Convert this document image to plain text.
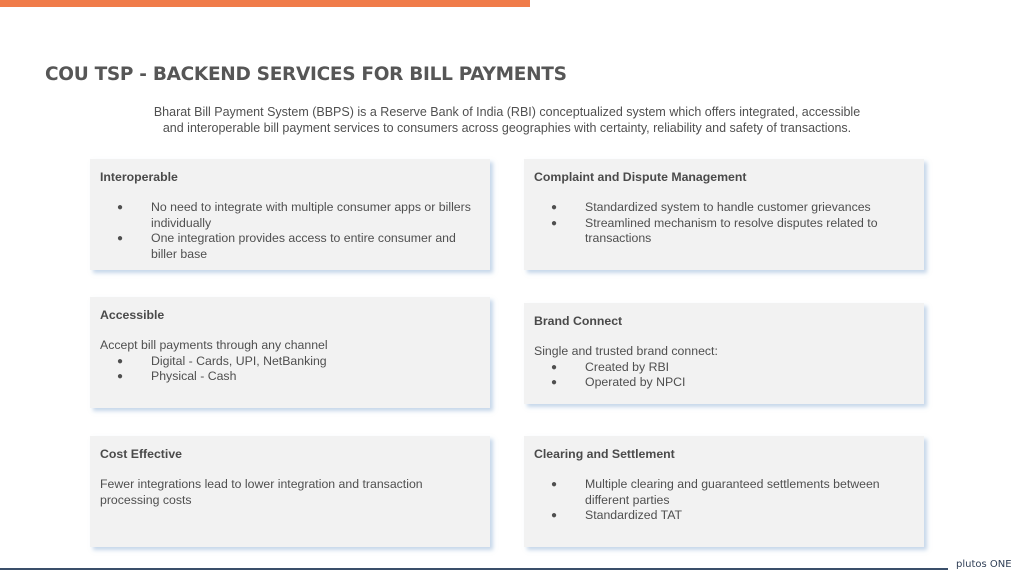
COU TSP - BACKEND SERVICES FOR BILL PAYMENTS

Bharat Bill Payment System (BBPS) is a Reserve Bank of India (RBI) conceptualized system which offers integrated, accessible
and interoperable bill payment services to consumers across geographies with certainty, reliability and safety of transactions.

Interoperable
● No need to integrate with multiple consumer apps or billers individually
● One integration provides access to entire consumer and biller base
Complaint and Dispute Management
● Standardized system to handle customer grievances
● Streamlined mechanism to resolve disputes related to transactions
Accessible
Accept bill payments through any channel
● Digital - Cards, UPI, NetBanking
● Physical - Cash
Brand Connect
Single and trusted brand connect:
● Created by RBI
● Operated by NPCI
Cost Effective
Fewer integrations lead to lower integration and transaction processing costs
Clearing and Settlement
● Multiple clearing and guaranteed settlements between different parties
● Standardized TAT
plutos ONE
